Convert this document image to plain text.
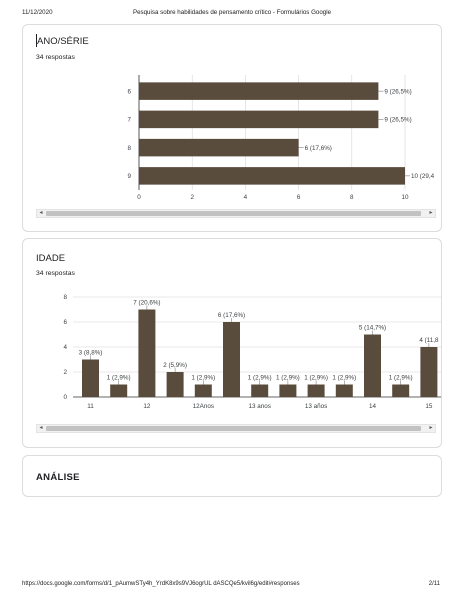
11/12/2020	Pesquisa sobre habilidades de pensamento crítico - Formulários Google
ANO/SÉRIE
34 respostas
0	2	4	6	8	10
6	9 (26,5%)
7	9 (26,5%)
8	6 (17,6%)
9	10 (29,4
◂	▸
IDADE
34 respostas
0
2
4
6
8
3 (8,8%)
11
1 (2,9%)
7 (20,6%)
12
2 (5,9%)
1 (2,9%)
12Anos
6 (17,6%)
1 (2,9%)
13 anos
1 (2,9%) 1 (2,9%)
13 años
1 (2,9%)
5 (14,7%)
14
1 (2,9%)
4 (11,8
15
◂	▸
ANÁLISE
https://docs.google.com/forms/d/1_pAumwSTy4h_YrdK8x9s9VJ6ogrUL dASCQe5/kvil6g/edit#responses	2/11
